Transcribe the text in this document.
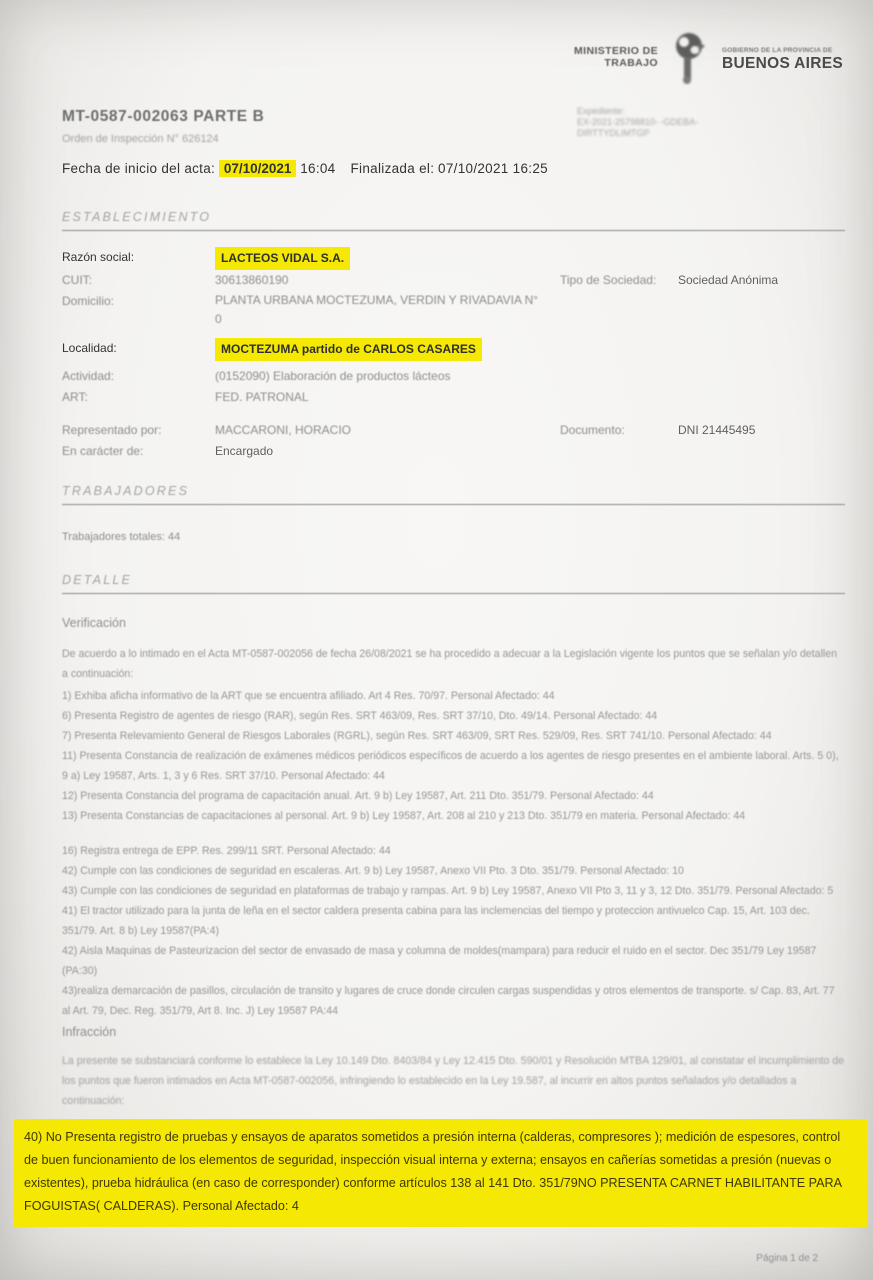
MINISTERIO DE
TRABAJO
GOBIERNO DE LA PROVINCIA DE
BUENOS AIRES
MT-0587-002063 PARTE B
Orden de Inspección N° 626124
Expediente:
EX-2021-25798810- -GDEBA-
DIRTTYDLIMTGP
Fecha de inicio del acta: 07/10/2021 16:04 Finalizada el: 07/10/2021 16:25
ESTABLECIMIENTO
Razón social:	LACTEOS VIDAL S.A.
CUIT:	30613860190	Tipo de Sociedad:	Sociedad Anónima
Domicilio:	PLANTA URBANA MOCTEZUMA, VERDIN Y RIVADAVIA N° 0
Localidad:	MOCTEZUMA partido de CARLOS CASARES
Actividad:	(0152090) Elaboración de productos lácteos
ART:	FED. PATRONAL
Representado por:	MACCARONI, HORACIO	Documento:	DNI 21445495
En carácter de:	Encargado
TRABAJADORES
Trabajadores totales: 44
DETALLE
Verificación
De acuerdo a lo intimado en el Acta MT-0587-002056 de fecha 26/08/2021 se ha procedido a adecuar a la Legislación vigente los puntos que se señalan y/o detallen a continuación:

1) Exhiba aficha informativo de la ART que se encuentra afiliado. Art 4 Res. 70/97. Personal Afectado: 44

6) Presenta Registro de agentes de riesgo (RAR), según Res. SRT 463/09, Res. SRT 37/10, Dto. 49/14. Personal Afectado: 44

7) Presenta Relevamiento General de Riesgos Laborales (RGRL), según Res. SRT 463/09, SRT Res. 529/09, Res. SRT 741/10. Personal Afectado: 44

11) Presenta Constancia de realización de exámenes médicos periódicos específicos de acuerdo a los agentes de riesgo presentes en el ambiente laboral. Arts. 5 0), 9 a) Ley 19587, Arts. 1, 3 y 6 Res. SRT 37/10. Personal Afectado: 44

12) Presenta Constancia del programa de capacitación anual. Art. 9 b) Ley 19587, Art. 211 Dto. 351/79. Personal Afectado: 44

13) Presenta Constancias de capacitaciones al personal. Art. 9 b) Ley 19587, Art. 208 al 210 y 213 Dto. 351/79 en materia. Personal Afectado: 44

16) Registra entrega de EPP. Res. 299/11 SRT. Personal Afectado: 44

42) Cumple con las condiciones de seguridad en escaleras. Art. 9 b) Ley 19587, Anexo VII Pto. 3 Dto. 351/79. Personal Afectado: 10

43) Cumple con las condiciones de seguridad en plataformas de trabajo y rampas. Art. 9 b) Ley 19587, Anexo VII Pto 3, 11 y 3, 12 Dto. 351/79. Personal Afectado: 5

41) El tractor utilizado para la junta de leña en el sector caldera presenta cabina para las inclemencias del tiempo y proteccion antivuelco Cap. 15, Art. 103 dec. 351/79. Art. 8 b) Ley 19587(PA:4)

42) Aisla Maquinas de Pasteurizacion del sector de envasado de masa y columna de moldes(mampara) para reducir el ruido en el sector. Dec 351/79 Ley 19587 (PA:30)

43)realiza demarcación de pasillos, circulación de transito y lugares de cruce donde circulen cargas suspendidas y otros elementos de transporte. s/ Cap. 83, Art. 77 al Art. 79, Dec. Reg. 351/79, Art 8. Inc. J) Ley 19587 PA:44

Infracción
La presente se substanciará conforme lo establece la Ley 10.149 Dto. 8403/84 y Ley 12.415 Dto. 590/01 y Resolución MTBA 129/01, al constatar el incumplimiento de los puntos que fueron intimados en Acta MT-0587-002056, infringiendo lo establecido en la Ley 19.587, al incurrir en altos puntos señalados y/o detallados a continuación:
40) No Presenta registro de pruebas y ensayos de aparatos sometidos a presión interna (calderas, compresores ); medición de espesores, control de buen funcionamiento de los elementos de seguridad, inspección visual interna y externa; ensayos en cañerías sometidas a presión (nuevas o existentes), prueba hidráulica (en caso de corresponder) conforme artículos 138 al 141 Dto. 351/79NO PRESENTA CARNET HABILITANTE PARA FOGUISTAS( CALDERAS). Personal Afectado: 4
Página 1 de 2
